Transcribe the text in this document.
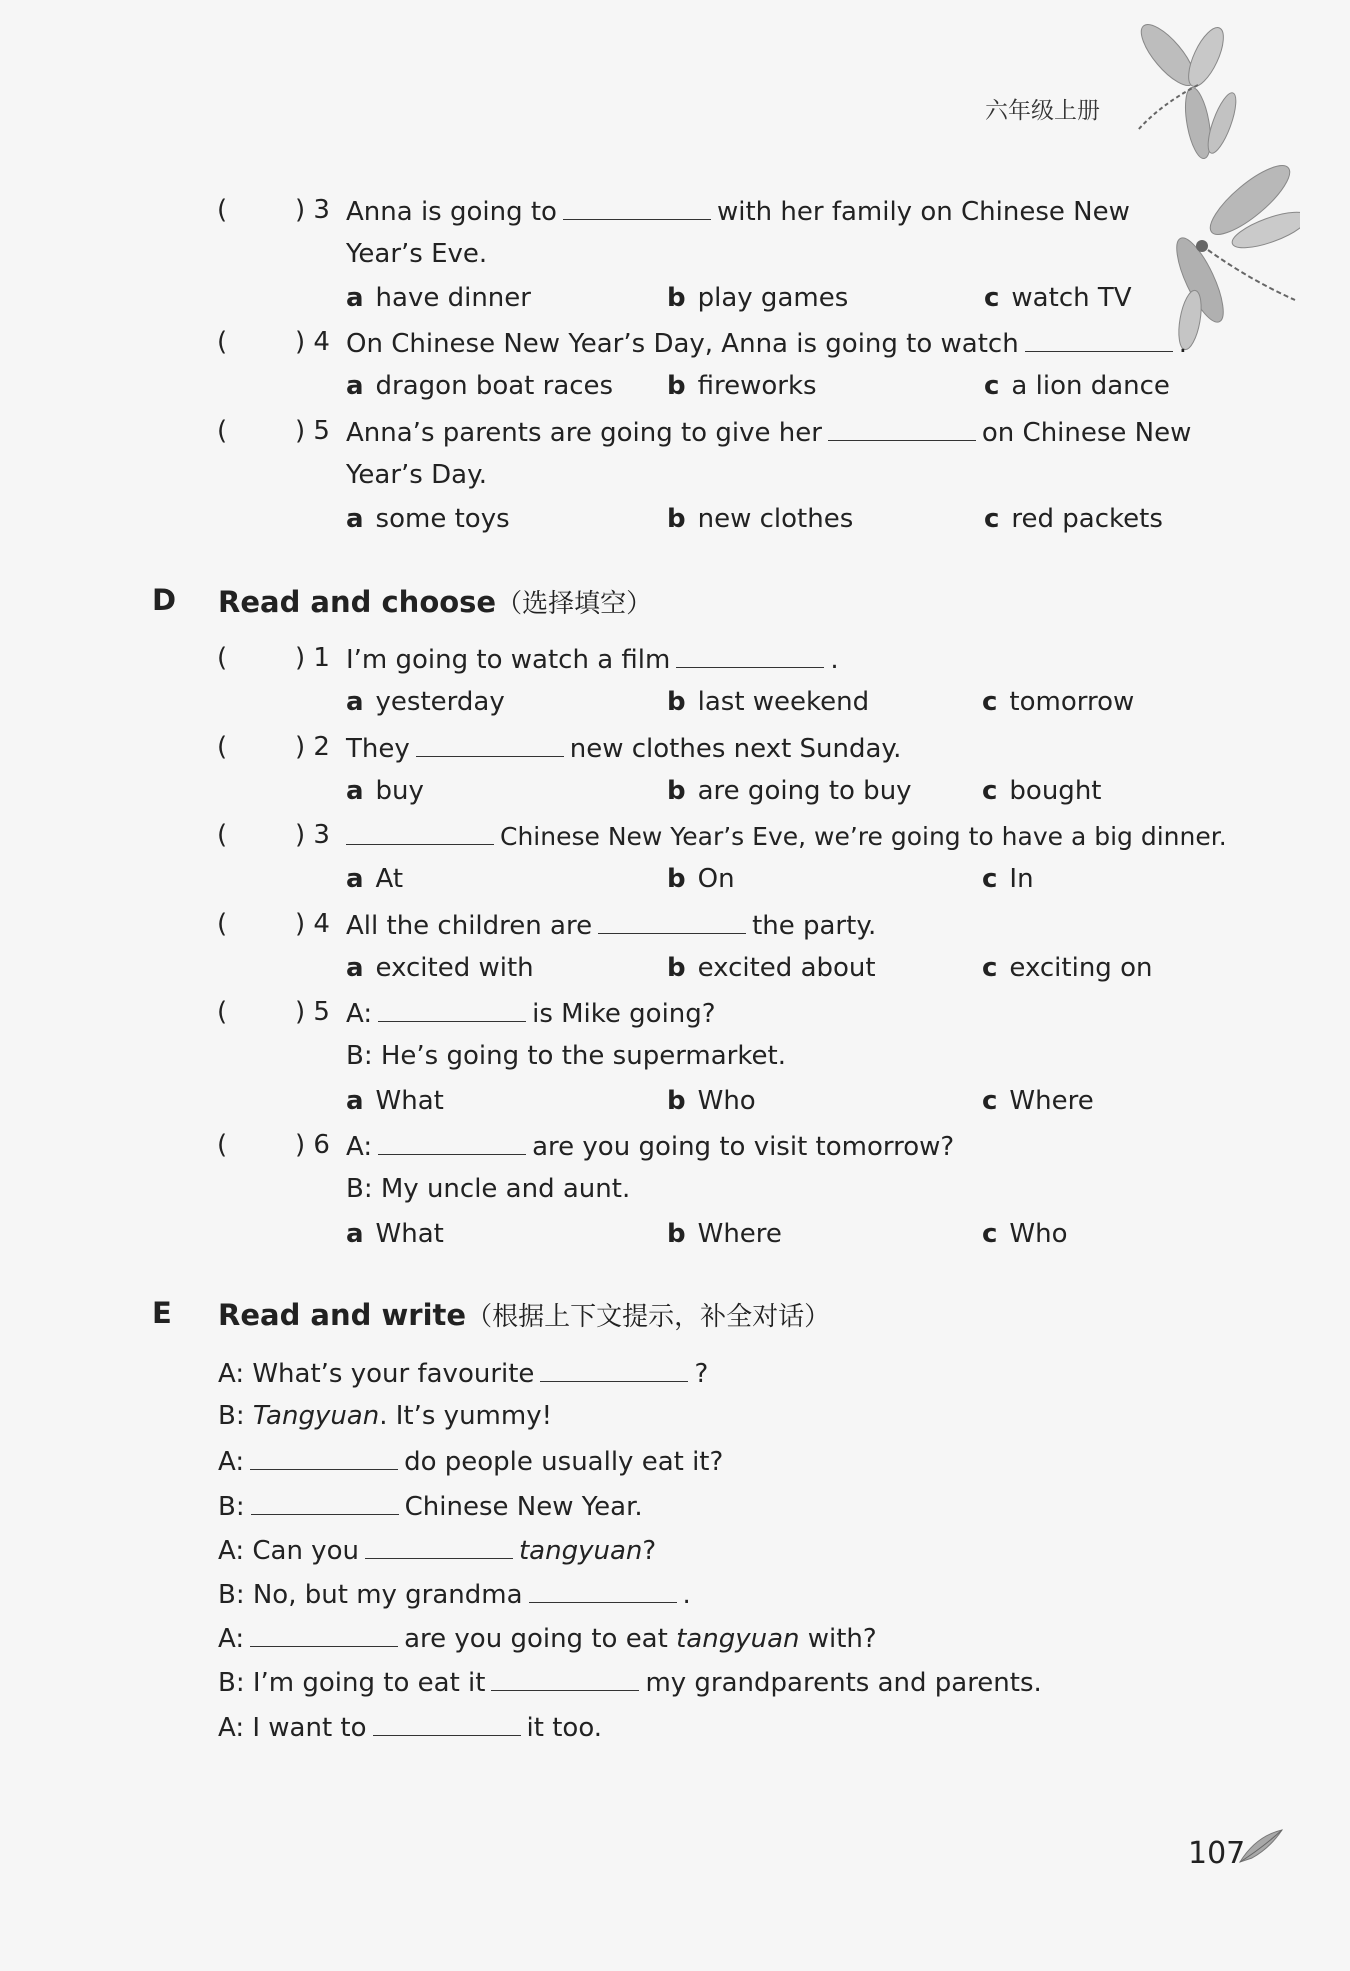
六年级上册
(	) 3 Anna is going to	with her family on Chinese New
Year’s Eve.
a have dinner	b play games	c watch TV
(	) 4 On Chinese New Year’s Day, Anna is going to watch	.
a dragon boat races b fireworks	c a lion dance
(	) 5 Anna’s parents are going to give her	on Chinese New
Year’s Day.
a some toys	b new clothes	c red packets
D Read and choose（选择填空）
(	) 1 I’m going to watch a film	.
a yesterday	b last weekend	c tomorrow
(	) 2 They	new clothes next Sunday.
a buy	b are going to buy	c bought
(	) 3	Chinese New Year’s Eve, we’re going to have a big dinner.
a At	b On	c In
(	) 4 All the children are	the party.
a excited with	b excited about	c exciting on
(	) 5 A:	is Mike going?
B: He’s going to the supermarket.
a What	b Who	c Where
(	) 6 A:	are you going to visit tomorrow?
B: My uncle and aunt.
a What	b Where	c Who
E Read and write（根据上下文提示，补全对话）
A: What’s your favourite	?
B: Tangyuan. It’s yummy!
A:	do people usually eat it?
B:	Chinese New Year.
A: Can you	tangyuan?
B: No, but my grandma	.
A:	are you going to eat tangyuan with?
B: I’m going to eat it	my grandparents and parents.
A: I want to	it too.
107
